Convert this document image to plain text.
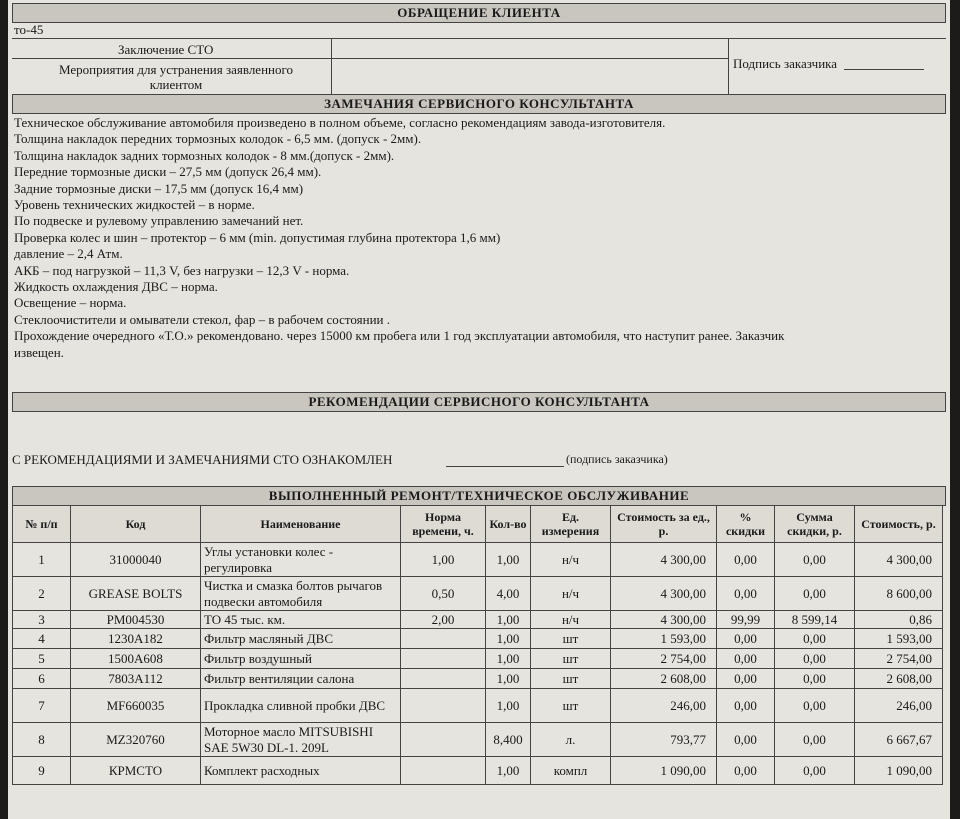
ОБРАЩЕНИЕ КЛИЕНТА
то-45
Заключение СТО
Мероприятия для устранения заявленного клиентом
Подпись заказчика
ЗАМЕЧАНИЯ СЕРВИСНОГО КОНСУЛЬТАНТА
Техническое обслуживание автомобиля произведено в полном объеме, согласно рекомендациям завода-изготовителя.
Толщина накладок передних тормозных колодок - 6,5 мм. (допуск - 2мм).
Толщина накладок задних тормозных колодок - 8 мм.(допуск - 2мм).
Передние тормозные диски – 27,5 мм (допуск 26,4 мм).
Задние тормозные диски – 17,5 мм (допуск 16,4 мм)
Уровень технических жидкостей – в норме.
По подвеске и рулевому управлению замечаний нет.
Проверка колес и шин – протектор – 6 мм (min. допустимая глубина протектора 1,6 мм)
давление – 2,4 Атм.
АКБ – под нагрузкой – 11,3 V, без нагрузки – 12,3 V - норма.
Жидкость охлаждения ДВС – норма.
Освещение – норма.
Стеклоочистители и омыватели стекол, фар – в рабочем состоянии .
Прохождение очередного «Т.О.» рекомендовано. через 15000 км пробега или 1 год эксплуатации автомобиля, что наступит ранее. Заказчик
извещен.
РЕКОМЕНДАЦИИ СЕРВИСНОГО КОНСУЛЬТАНТА
С РЕКОМЕНДАЦИЯМИ И ЗАМЕЧАНИЯМИ СТО ОЗНАКОМЛЕН	(подпись заказчика)
ВЫПОЛНЕННЫЙ РЕМОНТ/ТЕХНИЧЕСКОЕ ОБСЛУЖИВАНИЕ
№ п/п	Код	Наименование	Норма времени, ч.	Кол-во	Ед. измерения	Стоимость за ед., р.	% скидки	Сумма скидки, р.	Стоимость, р.
1	31000040	Углы установки колес - регулировка	1,00	1,00	н/ч	4 300,00	0,00	0,00	4 300,00
2	GREASE BOLTS	Чистка и смазка болтов рычагов подвески автомобиля	0,50	4,00	н/ч	4 300,00	0,00	0,00	8 600,00
3	PM004530	ТО 45 тыс. км.	2,00	1,00	н/ч	4 300,00	99,99	8 599,14	0,86
4	1230A182	Фильтр масляный ДВС		1,00	шт	1 593,00	0,00	0,00	1 593,00
5	1500A608	Фильтр воздушный		1,00	шт	2 754,00	0,00	0,00	2 754,00
6	7803A112	Фильтр вентиляции салона		1,00	шт	2 608,00	0,00	0,00	2 608,00
7	MF660035	Прокладка сливной пробки ДВС		1,00	шт	246,00	0,00	0,00	246,00
8	MZ320760	Моторное масло MITSUBISHI SAE 5W30 DL-1. 209L		8,400	л.	793,77	0,00	0,00	6 667,67
9	КРМСТО	Комплект расходных		1,00	компл	1 090,00	0,00	0,00	1 090,00
